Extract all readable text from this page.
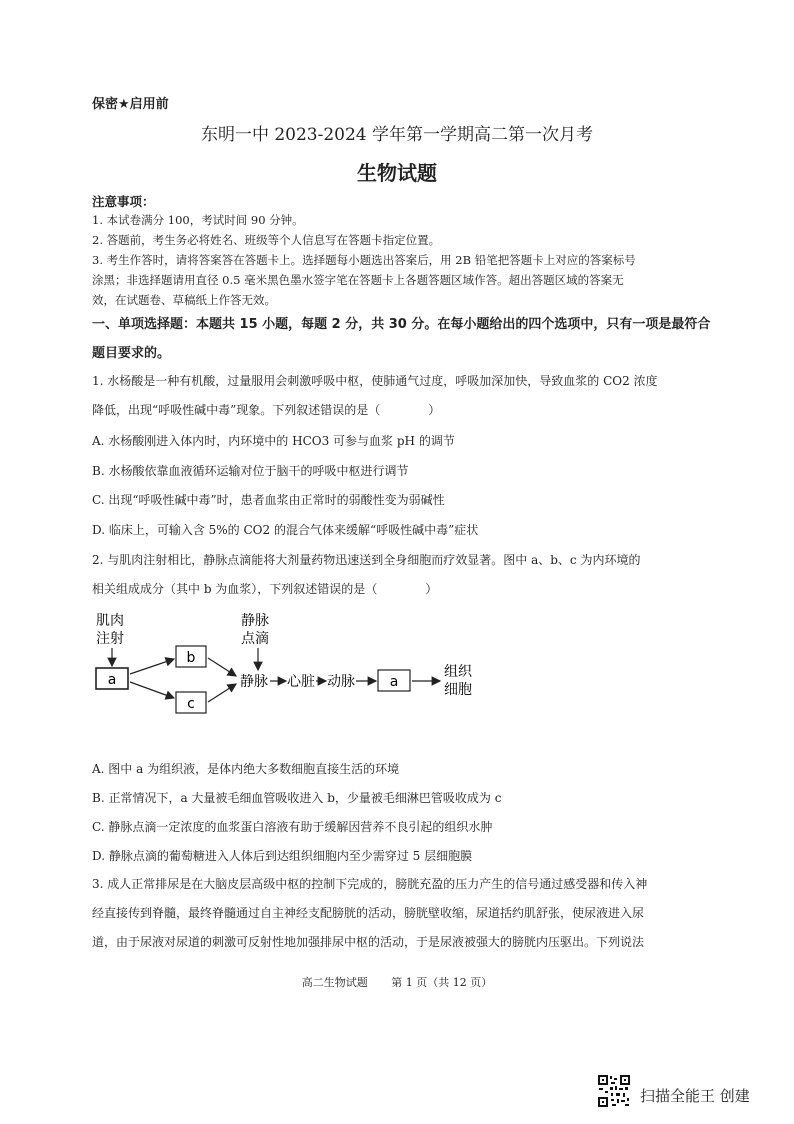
保密★启用前
东明一中 2023-2024 学年第一学期高二第一次月考
生物试题
注意事项：
1. 本试卷满分 100，考试时间 90 分钟。
2. 答题前，考生务必将姓名、班级等个人信息写在答题卡指定位置。
3. 考生作答时，请将答案答在答题卡上。选择题每小题选出答案后，用 2B 铅笔把答题卡上对应的答案标号
涂黑；非选择题请用直径 0.5 毫米黑色墨水签字笔在答题卡上各题答题区域作答。超出答题区域的答案无
效，在试题卷、草稿纸上作答无效。
一、单项选择题：本题共 15 小题，每题 2 分，共 30 分。在每小题给出的四个选项中，只有一项是最符合
题目要求的。
1. 水杨酸是一种有机酸，过量服用会刺激呼吸中枢，使肺通气过度，呼吸加深加快，导致血浆的 CO2 浓度
降低，出现“呼吸性碱中毒”现象。下列叙述错误的是（　　　　）
A. 水杨酸刚进入体内时，内环境中的 HCO3 可参与血浆 pH 的调节
B. 水杨酸依靠血液循环运输对位于脑干的呼吸中枢进行调节
C. 出现“呼吸性碱中毒”时，患者血浆由正常时的弱酸性变为弱碱性
D. 临床上，可输入含 5%的 CO2 的混合气体来缓解“呼吸性碱中毒”症状
2. 与肌肉注射相比，静脉点滴能将大剂量药物迅速送到全身细胞而疗效显著。图中 a、b、c 为内环境的
相关组成成分（其中 b 为血浆），下列叙述错误的是（　　　　）
肌肉
注射
a
b
c
静脉
点滴
静脉 心脏 动脉 a
组织
细胞
A. 图中 a 为组织液，是体内绝大多数细胞直接生活的环境
B. 正常情况下，a 大量被毛细血管吸收进入 b，少量被毛细淋巴管吸收成为 c
C. 静脉点滴一定浓度的血浆蛋白溶液有助于缓解因营养不良引起的组织水肿
D. 静脉点滴的葡萄糖进入人体后到达组织细胞内至少需穿过 5 层细胞膜
3. 成人正常排尿是在大脑皮层高级中枢的控制下完成的，膀胱充盈的压力产生的信号通过感受器和传入神
经直接传到脊髓，最终脊髓通过自主神经支配膀胱的活动，膀胱壁收缩，尿道括约肌舒张，使尿液进入尿
道，由于尿液对尿道的刺激可反射性地加强排尿中枢的活动，于是尿液被强大的膀胱内压驱出。下列说法
高二生物试题 第 1 页（共 12 页）
扫描全能王 创建
